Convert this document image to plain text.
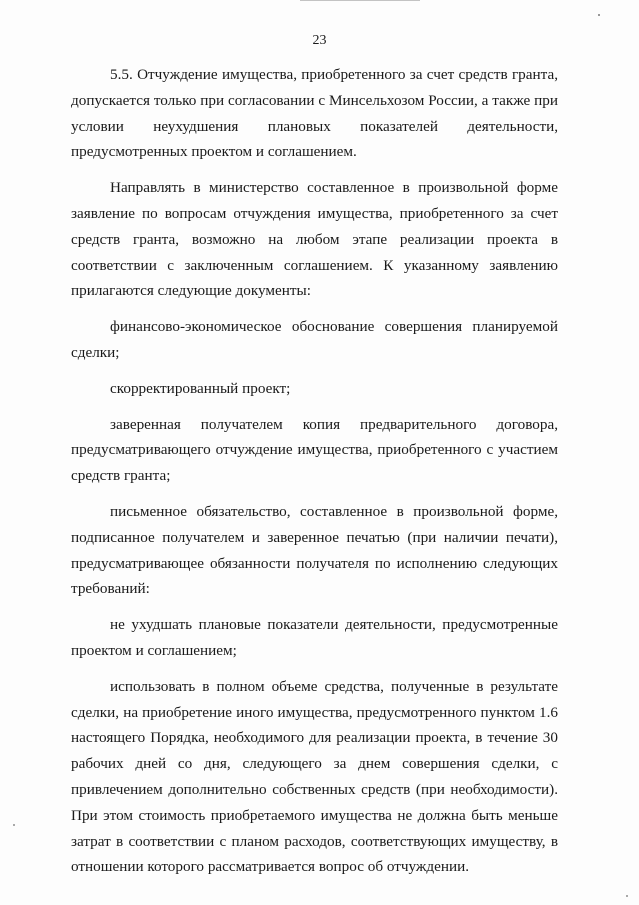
23

5.5. Отчуждение имущества, приобретенного за счет средств гранта, допускается только при согласовании с Минсельхозом России, а также при условии неухудшения плановых показателей деятельности, предусмотренных проектом и соглашением.

Направлять в министерство составленное в произвольной форме заявление по вопросам отчуждения имущества, приобретенного за счет средств гранта, возможно на любом этапе реализации проекта в соответствии с заключенным соглашением. К указанному заявлению прилагаются следующие документы:

финансово-экономическое обоснование совершения планируемой сделки;

скорректированный проект;

заверенная получателем копия предварительного договора, предусматривающего отчуждение имущества, приобретенного с участием средств гранта;

письменное обязательство, составленное в произвольной форме, подписанное получателем и заверенное печатью (при наличии печати), предусматривающее обязанности получателя по исполнению следующих требований:

не ухудшать плановые показатели деятельности, предусмотренные проектом и соглашением;

использовать в полном объеме средства, полученные в результате сделки, на приобретение иного имущества, предусмотренного пунктом 1.6 настоящего Порядка, необходимого для реализации проекта, в течение 30 рабочих дней со дня, следующего за днем совершения сделки, с привлечением дополнительно собственных средств (при необходимости). При этом стоимость приобретаемого имущества не должна быть меньше затрат в соответствии с планом расходов, соответствующих имуществу, в отношении которого рассматривается вопрос об отчуждении.
